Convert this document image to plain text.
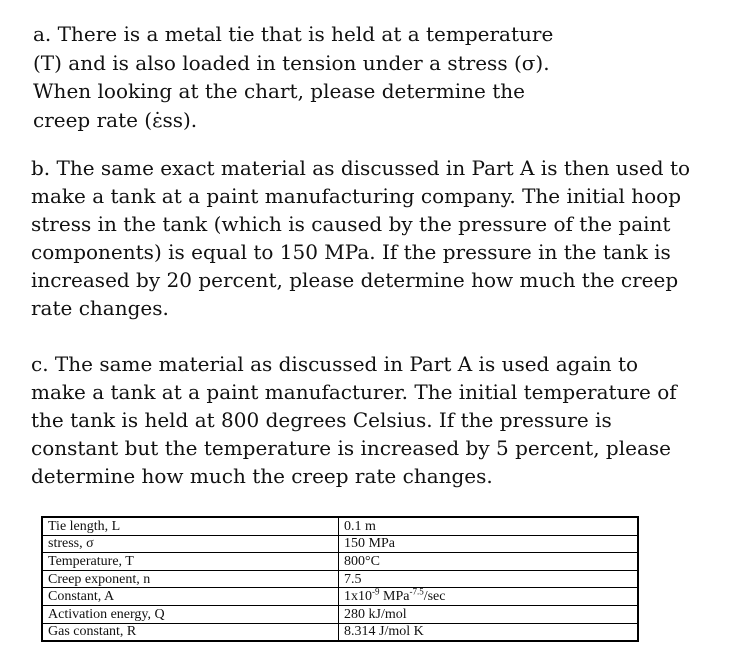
a. There is a metal tie that is held at a temperature
(T) and is also loaded in tension under a stress (σ).
When looking at the chart, please determine the
creep rate (ε̇ss).
b. The same exact material as discussed in Part A is then used to
make a tank at a paint manufacturing company. The initial hoop
stress in the tank (which is caused by the pressure of the paint
components) is equal to 150 MPa. If the pressure in the tank is
increased by 20 percent, please determine how much the creep
rate changes.
c. The same material as discussed in Part A is used again to
make a tank at a paint manufacturer. The initial temperature of
the tank is held at 800 degrees Celsius. If the pressure is
constant but the temperature is increased by 5 percent, please
determine how much the creep rate changes.
Tie length, L	0.1 m
stress, σ	150 MPa
Temperature, T	800°C
Creep exponent, n	7.5
Constant, A	$1x10^{-9}$ MPa$^{-7.5}$/sec
Activation energy, Q	280 kJ/mol
Gas constant, R	8.314 J/mol K
